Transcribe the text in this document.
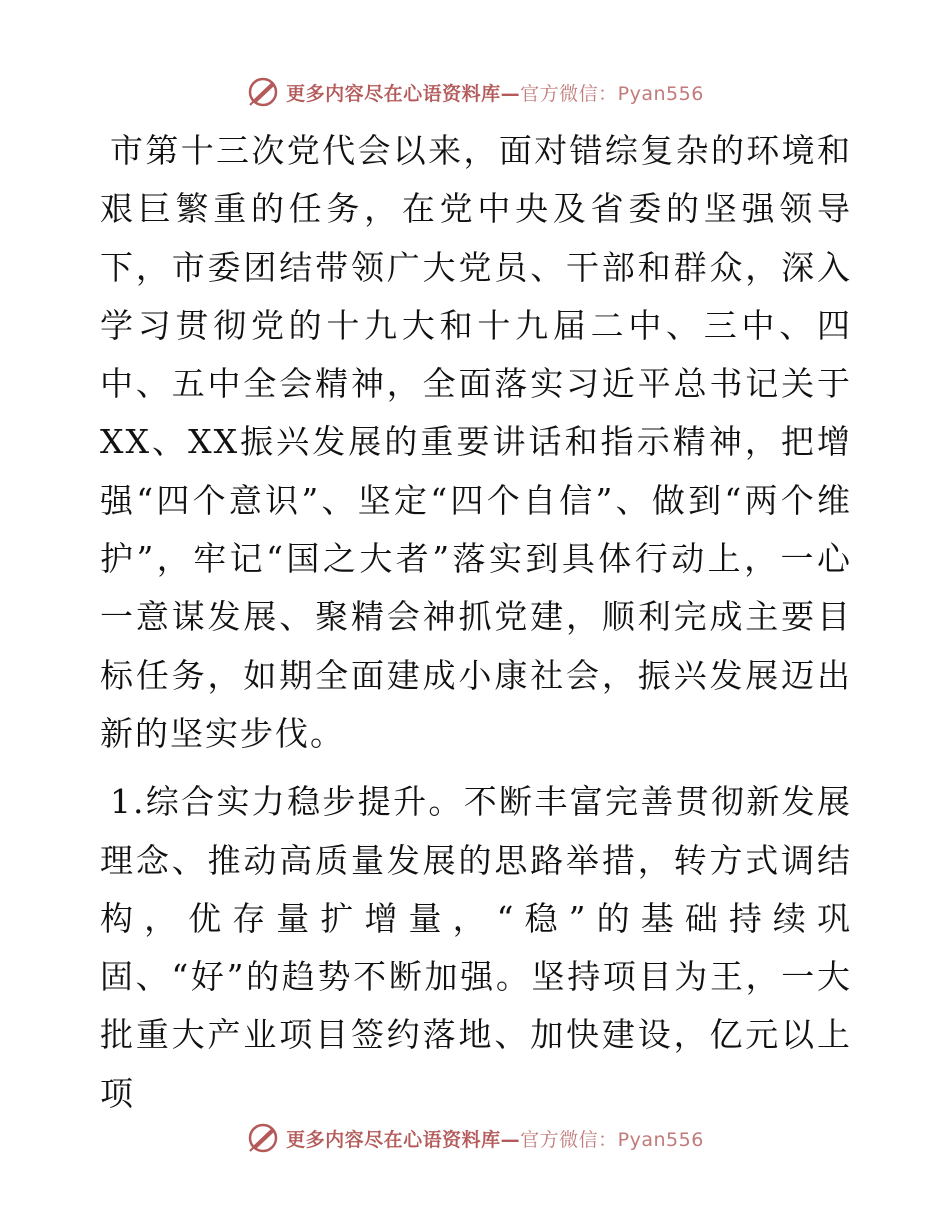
更多内容尽在心语资料库—官方微信：Pyan556

市第十三次党代会以来，面对错综复杂的环境和艰巨繁重的任务，在党中央及省委的坚强领导下，市委团结带领广大党员、干部和群众，深入学习贯彻党的十九大和十九届二中、三中、四中、五中全会精神，全面落实习近平总书记关于XX、XX振兴发展的重要讲话和指示精神，把增强“四个意识”、坚定“四个自信”、做到“两个维护”，牢记“国之大者”落实到具体行动上，一心一意谋发展、聚精会神抓党建，顺利完成主要目标任务，如期全面建成小康社会，振兴发展迈出新的坚实步伐。

1.综合实力稳步提升。不断丰富完善贯彻新发展理念、推动高质量发展的思路举措，转方式调结构，优存量扩增量，“稳”的基础持续巩固、“好”的趋势不断加强。坚持项目为王，一大批重大产业项目签约落地、加快建设，亿元以上项

更多内容尽在心语资料库—官方微信：Pyan556
